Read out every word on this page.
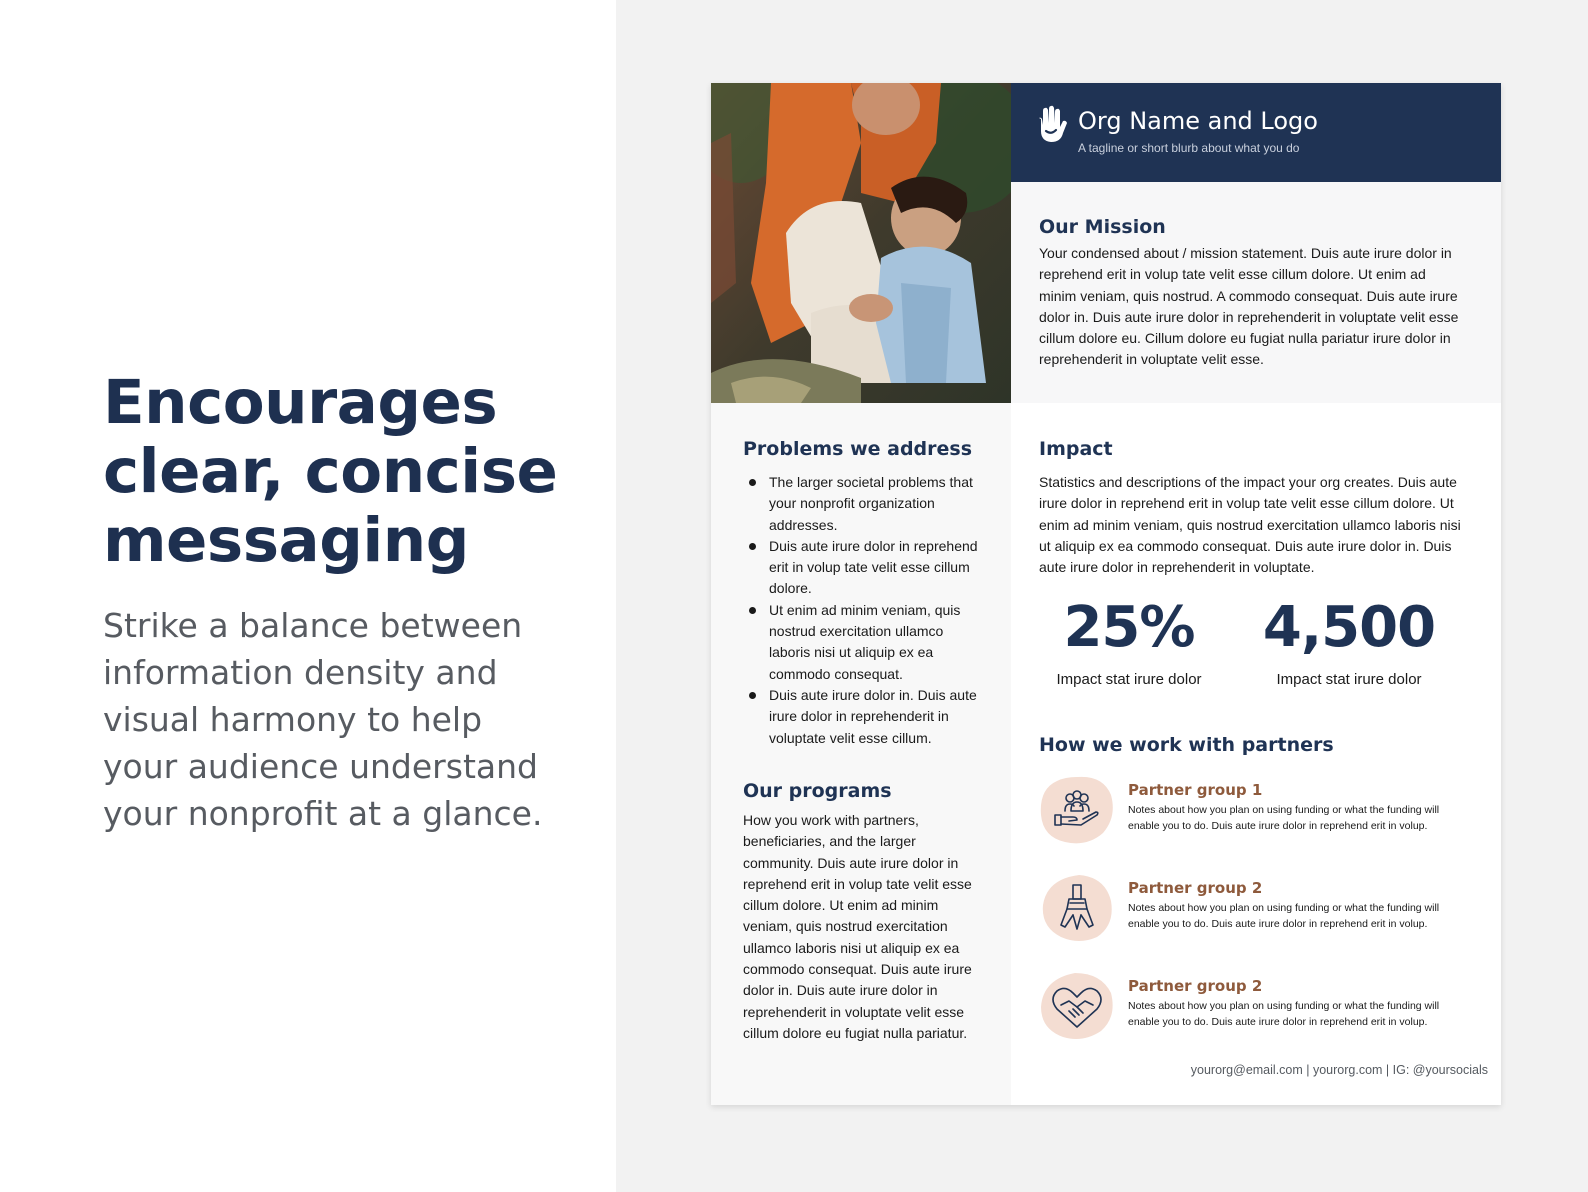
Encourages clear, concise messaging

Strike a balance between information density and visual harmony to help your audience understand your nonprofit at a glance.

Org Name and Logo
A tagline or short blurb about what you do
Our Mission

Your condensed about / mission statement. Duis aute irure dolor in reprehend erit in volup tate velit esse cillum dolore. Ut enim ad minim veniam, quis nostrud. A commodo consequat. Duis aute irure dolor in. Duis aute irure dolor in reprehenderit in voluptate velit esse cillum dolore eu. Cillum dolore eu fugiat nulla pariatur irure dolor in reprehenderit in voluptate velit esse.

Problems we address
The larger societal problems that your nonprofit organization addresses.
Duis aute irure dolor in reprehend erit in volup tate velit esse cillum dolore.
Ut enim ad minim veniam, quis nostrud exercitation ullamco laboris nisi ut aliquip ex ea commodo consequat.
Duis aute irure dolor in. Duis aute irure dolor in reprehenderit in voluptate velit esse cillum.
Our programs

How you work with partners, beneficiaries, and the larger community. Duis aute irure dolor in reprehend erit in volup tate velit esse cillum dolore. Ut enim ad minim veniam, quis nostrud exercitation ullamco laboris nisi ut aliquip ex ea commodo consequat. Duis aute irure dolor in. Duis aute irure dolor in reprehenderit in voluptate velit esse cillum dolore eu fugiat nulla pariatur.

Impact

Statistics and descriptions of the impact your org creates. Duis aute irure dolor in reprehend erit in volup tate velit esse cillum dolore. Ut enim ad minim veniam, quis nostrud exercitation ullamco laboris nisi ut aliquip ex ea commodo consequat. Duis aute irure dolor in. Duis aute irure dolor in reprehenderit in voluptate.

25%
Impact stat irure dolor
4,500
Impact stat irure dolor
How we work with partners
Partner group 1
Notes about how you plan on using funding or what the funding will enable you to do. Duis aute irure dolor in reprehend erit in volup.
Partner group 2
Notes about how you plan on using funding or what the funding will enable you to do. Duis aute irure dolor in reprehend erit in volup.
Partner group 2
Notes about how you plan on using funding or what the funding will enable you to do. Duis aute irure dolor in reprehend erit in volup.
yourorg@email.com | yourorg.com | IG: @yoursocials
